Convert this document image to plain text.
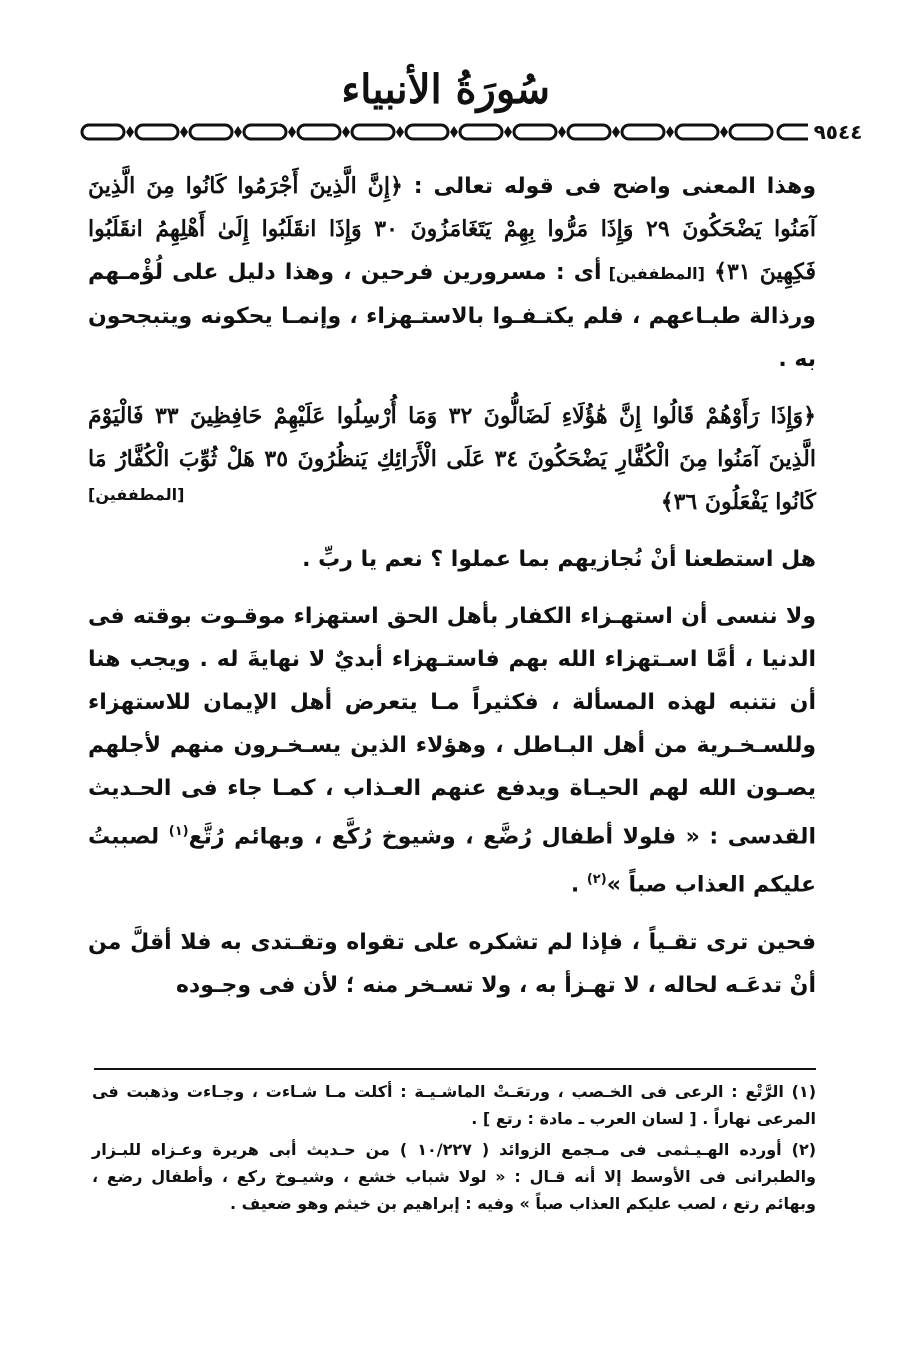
سُورَةُ الأنبياء
٩٥٤٤

وهذا المعنى واضح فى قوله تعالى : ﴿إِنَّ الَّذِينَ أَجْرَمُوا كَانُوا مِنَ الَّذِينَ آمَنُوا يَضْحَكُونَ ٢٩ وَإِذَا مَرُّوا بِهِمْ يَتَغَامَزُونَ ٣٠ وَإِذَا انقَلَبُوا إِلَىٰ أَهْلِهِمُ انقَلَبُوا فَكِهِينَ ٣١﴾ [المطففين] أى : مسرورين فرحين ، وهذا دليل على لُؤْمـهم ورذالة طبـاعهم ، فلم يكتـفـوا بالاستـهزاء ، وإنمـا يحكونه ويتبجحون به .

﴿وَإِذَا رَأَوْهُمْ قَالُوا إِنَّ هَٰؤُلَاءِ لَضَالُّونَ ٣٢ وَمَا أُرْسِلُوا عَلَيْهِمْ حَافِظِينَ ٣٣ فَالْيَوْمَ الَّذِينَ آمَنُوا مِنَ الْكُفَّارِ يَضْحَكُونَ ٣٤ عَلَى الْأَرَائِكِ يَنظُرُونَ ٣٥ هَلْ ثُوِّبَ الْكُفَّارُ مَا كَانُوا يَفْعَلُونَ ٣٦﴾

[المطففين]

هل استطعنا أنْ نُجازيهم بما عملوا ؟ نعم يا ربِّ .

ولا ننسى أن استهـزاء الكفار بأهل الحق استهزاء موقـوت بوقته فى الدنيا ، أمَّا اسـتهزاء الله بهم فاستـهزاء أبديٌ لا نهايةَ له . ويجب هنا أن نتنبه لهذه المسألة ، فكثيراً مـا يتعرض أهل الإيمان للاستهزاء وللسـخـرية من أهل البـاطل ، وهؤلاء الذين يسـخـرون منهم لأجلهم يصـون الله لهم الحيـاة ويدفع عنهم العـذاب ، كمـا جاء فى الحـديث القدسى : « فلولا أطفال رُضَّع ، وشيوخ رُكَّع ، وبهائم رُتَّع$^{(١)}$ لصببتُ عليكم العذاب صباً »$^{(٢)}$ .

فحين ترى تقـياً ، فإذا لم تشكره على تقواه وتقـتدى به فلا أقلَّ من أنْ تدعَـه لحاله ، لا تهـزأ به ، ولا تسـخر منه ؛ لأن فى وجـوده

(١) الرَّتْع : الرعى فى الخـصب ، ورتعَـتْ الماشـيـة : أكلت مـا شـاءت ، وجـاءت وذهبت فى المرعى نهاراً . [ لسان العرب ـ مادة : رتع ] .

(٢) أورده الهـيـثمى فى مـجمع الزوائد ( ١٠/٢٢٧ ) من حـديث أبى هريرة وعـزاه للبـزار والطبرانى فى الأوسط إلا أنه قـال : « لولا شباب خشع ، وشيـوخ ركع ، وأطفال رضع ، وبهائم رتع ، لصب عليكم العذاب صباً » وفيه : إبراهيم بن خيثم وهو ضعيف .
